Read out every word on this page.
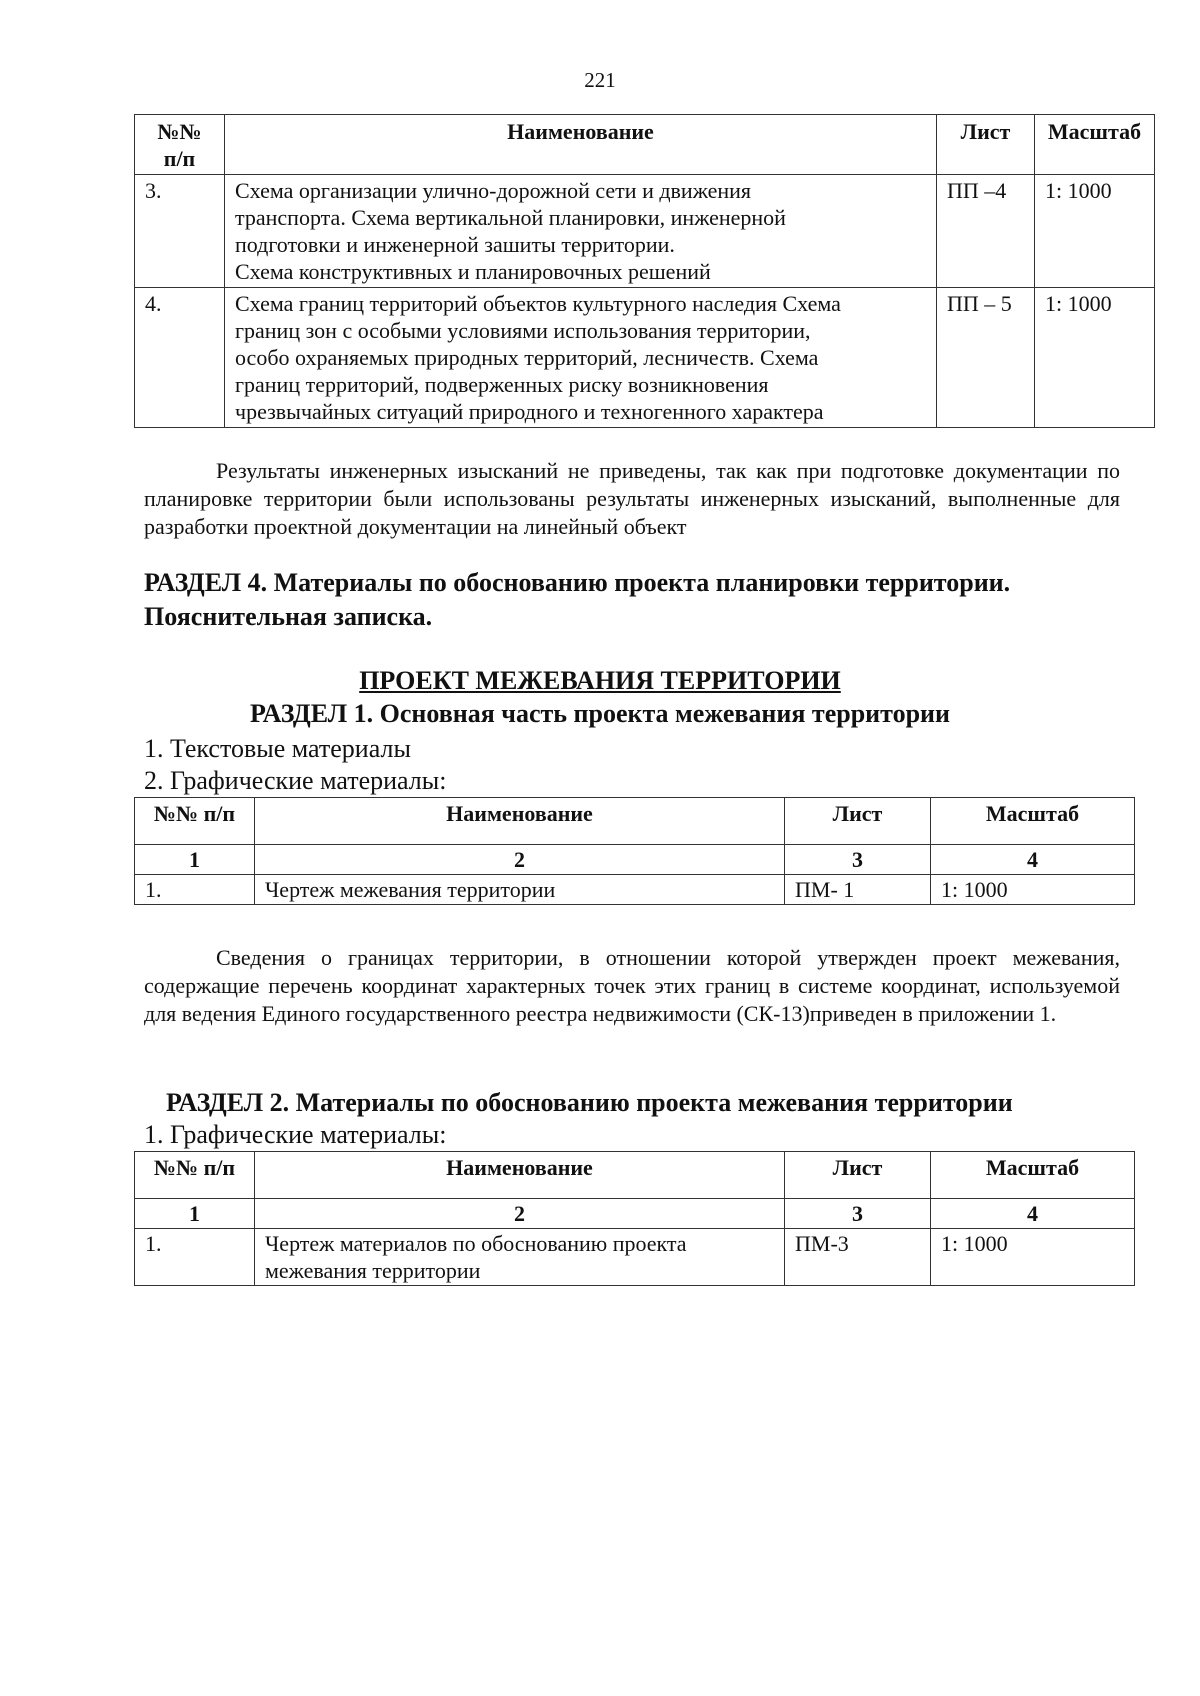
221
№№
п/п	Наименование	Лист	Масштаб
3.	Схема организации улично-дорожной сети и движения
транспорта. Схема вертикальной планировки, инженерной
подготовки и инженерной зашиты территории.
Схема конструктивных и планировочных решений	ПП –4	1: 1000
4.	Схема границ территорий объектов культурного наследия Схема
границ зон с особыми условиями использования территории,
особо охраняемых природных территорий, лесничеств. Схема
границ территорий, подверженных риску возникновения
чрезвычайных ситуаций природного и техногенного характера	ПП – 5	1: 1000

Результаты инженерных изысканий не приведены, так как при подготовке документации по планировке территории были использованы результаты инженерных изысканий, выполненные для разработки проектной документации на линейный объект

РАЗДЕЛ 4. Материалы по обоснованию проекта планировки территории.

Пояснительная записка.

ПРОЕКТ МЕЖЕВАНИЯ ТЕРРИТОРИИ

РАЗДЕЛ 1. Основная часть проекта межевания территории

1. Текстовые материалы

2. Графические материалы:

№№ п/п	Наименование	Лист	Масштаб
1	2	3	4
1.	Чертеж межевания территории	ПМ- 1	1: 1000

Сведения о границах территории, в отношении которой утвержден проект межевания, содержащие перечень координат характерных точек этих границ в системе координат, используемой для ведения Единого государственного реестра недвижимости (СК-13)приведен в приложении 1.

РАЗДЕЛ 2. Материалы по обоснованию проекта межевания территории

1. Графические материалы:

№№ п/п	Наименование	Лист	Масштаб
1	2	3	4
1.	Чертеж материалов по обоснованию проекта
межевания территории	ПМ-3	1: 1000
